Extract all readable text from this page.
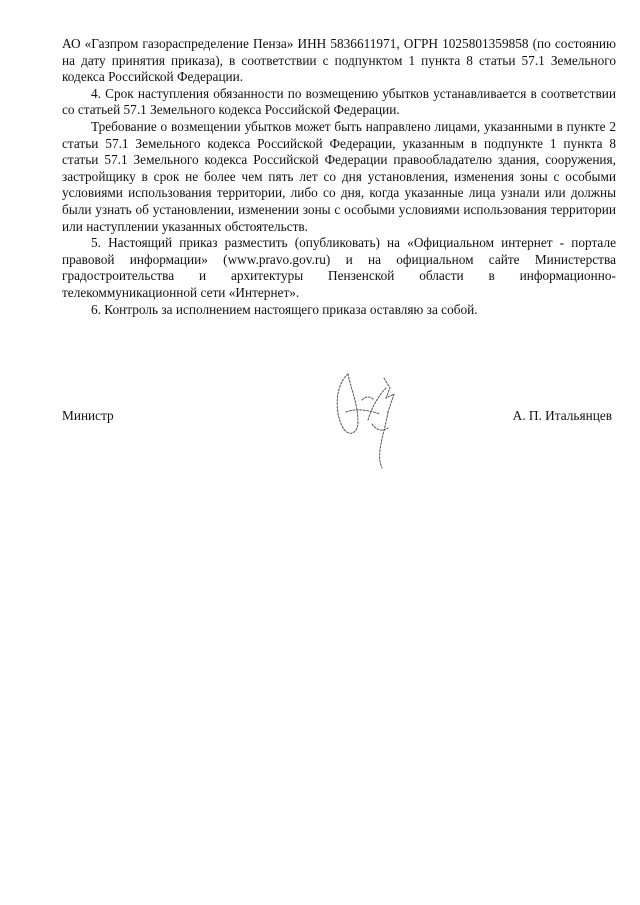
АО «Газпром газораспределение Пенза» ИНН 5836611971, ОГРН 1025801359858 (по состоянию на дату принятия приказа), в соответствии с подпунктом 1 пункта 8 статьи 57.1 Земельного кодекса Российской Федерации.

4. Срок наступления обязанности по возмещению убытков устанавливается в соответствии со статьей 57.1 Земельного кодекса Российской Федерации.

Требование о возмещении убытков может быть направлено лицами, указанными в пункте 2 статьи 57.1 Земельного кодекса Российской Федерации, указанным в подпункте 1 пункта 8 статьи 57.1 Земельного кодекса Российской Федерации правообладателю здания, сооружения, застройщику в срок не более чем пять лет со дня установления, изменения зоны с особыми условиями использования территории, либо со дня, когда указанные лица узнали или должны были узнать об установлении, изменении зоны с особыми условиями использования территории или наступлении указанных обстоятельств.

5. Настоящий приказ разместить (опубликовать) на «Официальном интернет - портале правовой информации» (www.pravo.gov.ru) и на официальном сайте Министерства градостроительства и архитектуры Пензенской области в информационно-телекоммуникационной сети «Интернет».

6. Контроль за исполнением настоящего приказа оставляю за собой.

Министр	А. П. Итальянцев
